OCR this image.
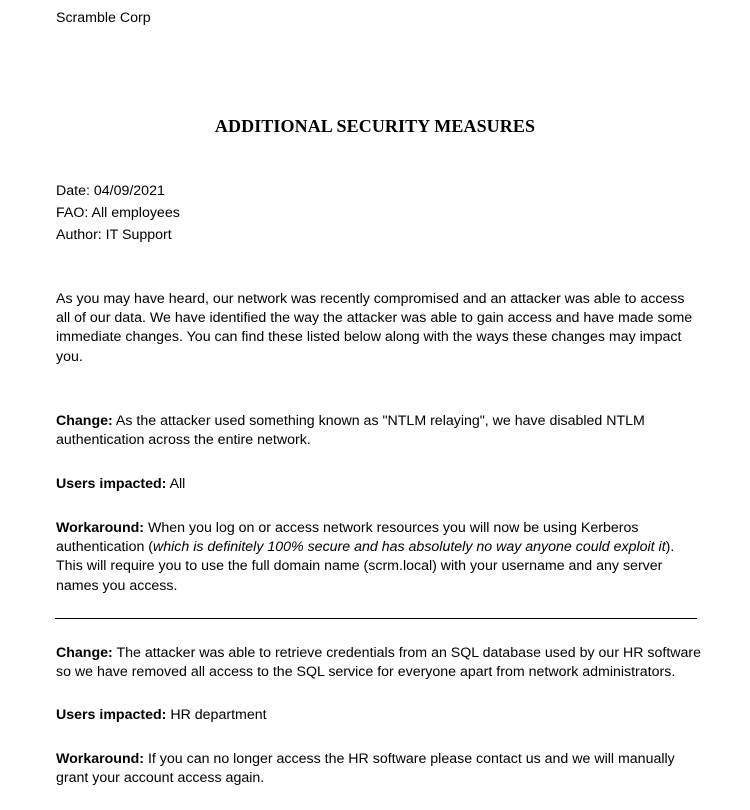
Scramble Corp
ADDITIONAL SECURITY MEASURES
Date: 04/09/2021
FAO: All employees
Author: IT Support

As you may have heard, our network was recently compromised and an attacker was able to access all of our data. We have identified the way the attacker was able to gain access and have made some immediate changes. You can find these listed below along with the ways these changes may impact you.

Change: As the attacker used something known as "NTLM relaying", we have disabled NTLM authentication across the entire network.

Users impacted: All

Workaround: When you log on or access network resources you will now be using Kerberos authentication (which is definitely 100% secure and has absolutely no way anyone could exploit it). This will require you to use the full domain name (scrm.local) with your username and any server names you access.

Change: The attacker was able to retrieve credentials from an SQL database used by our HR software so we have removed all access to the SQL service for everyone apart from network administrators.

Users impacted: HR department

Workaround: If you can no longer access the HR software please contact us and we will manually grant your account access again.
